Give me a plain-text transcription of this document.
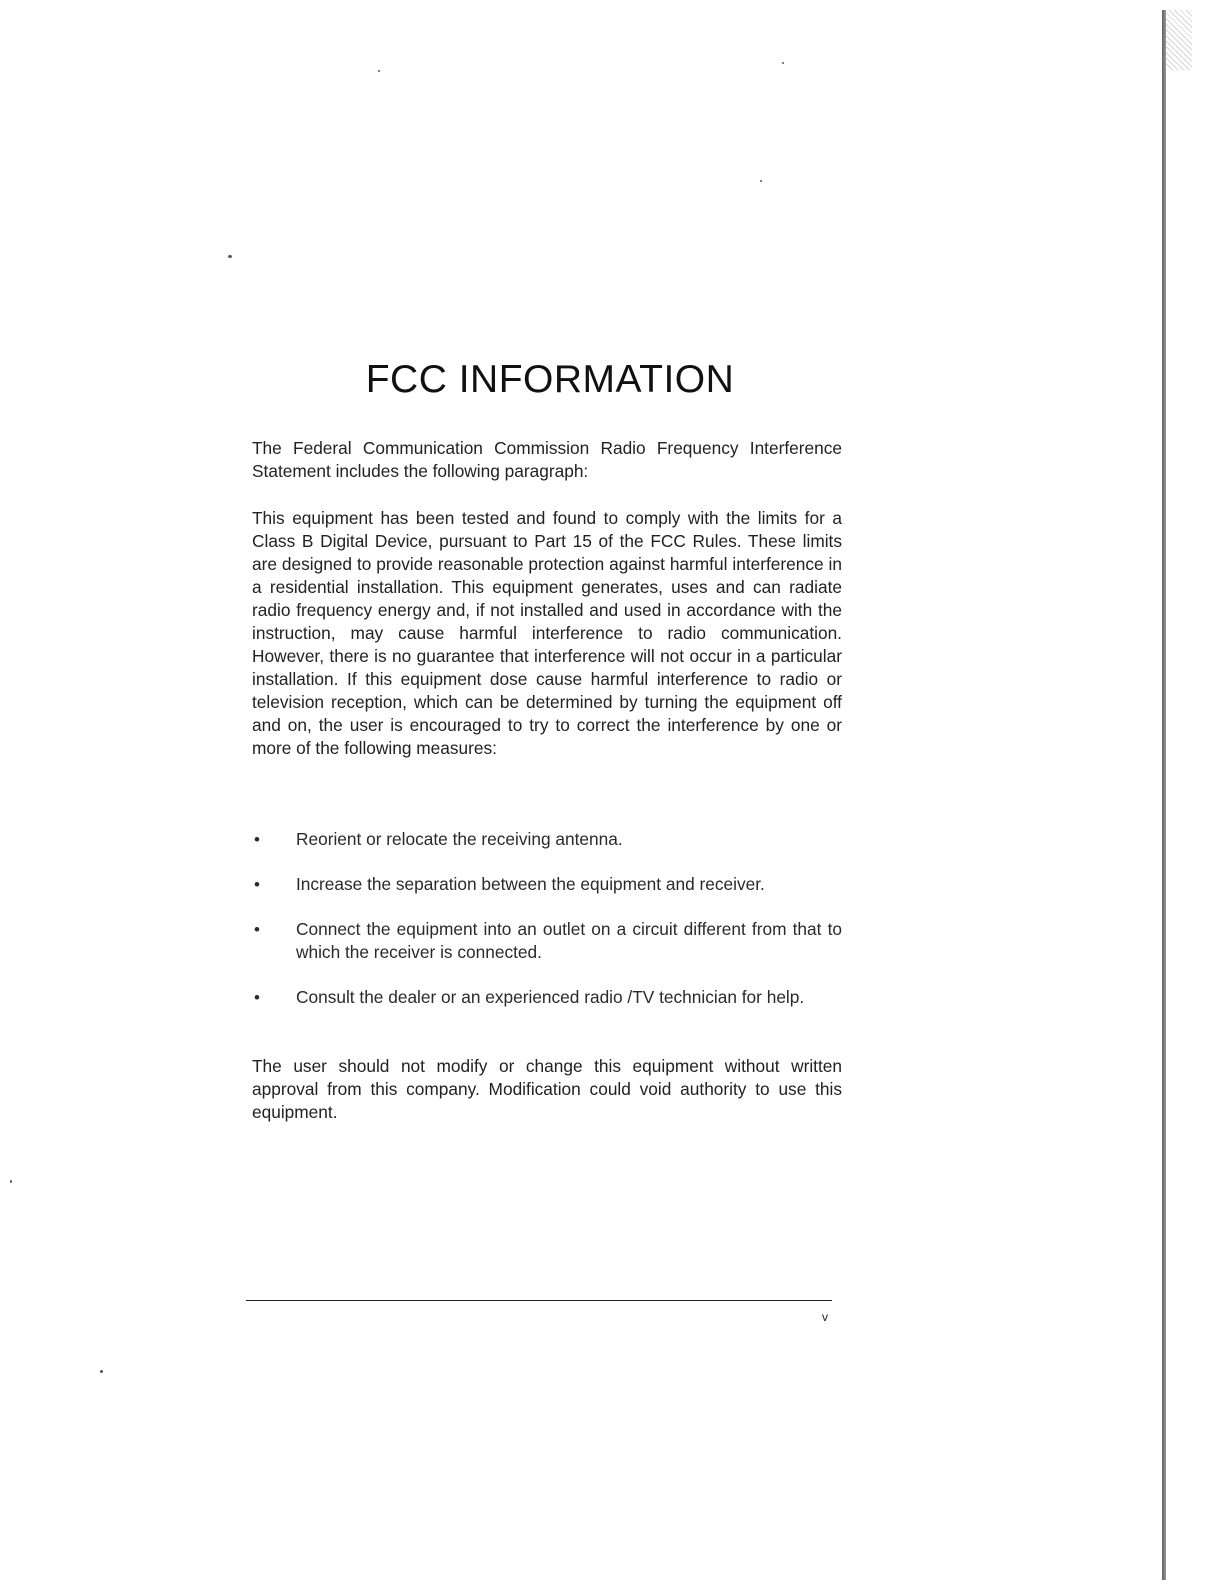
FCC INFORMATION

The Federal Communication Commission Radio Frequency Interference Statement includes the following paragraph:

This equipment has been tested and found to comply with the limits for a Class B Digital Device, pursuant to Part 15 of the FCC Rules. These limits are designed to provide reasonable protection against harmful interference in a residential installation. This equipment generates, uses and can radiate radio frequency energy and, if not installed and used in accordance with the instruction, may cause harmful interference to radio communication. However, there is no guarantee that interference will not occur in a particular installation. If this equipment dose cause harmful interference to radio or television reception, which can be determined by turning the equipment off and on, the user is encouraged to try to correct the interference by one or more of the following measures:

• Reorient or relocate the receiving antenna.
• Increase the separation between the equipment and receiver.
• Connect the equipment into an outlet on a circuit different from that to which the receiver is connected.
• Consult the dealer or an experienced radio /TV technician for help.

The user should not modify or change this equipment without written approval from this company. Modification could void authority to use this equipment.

v
